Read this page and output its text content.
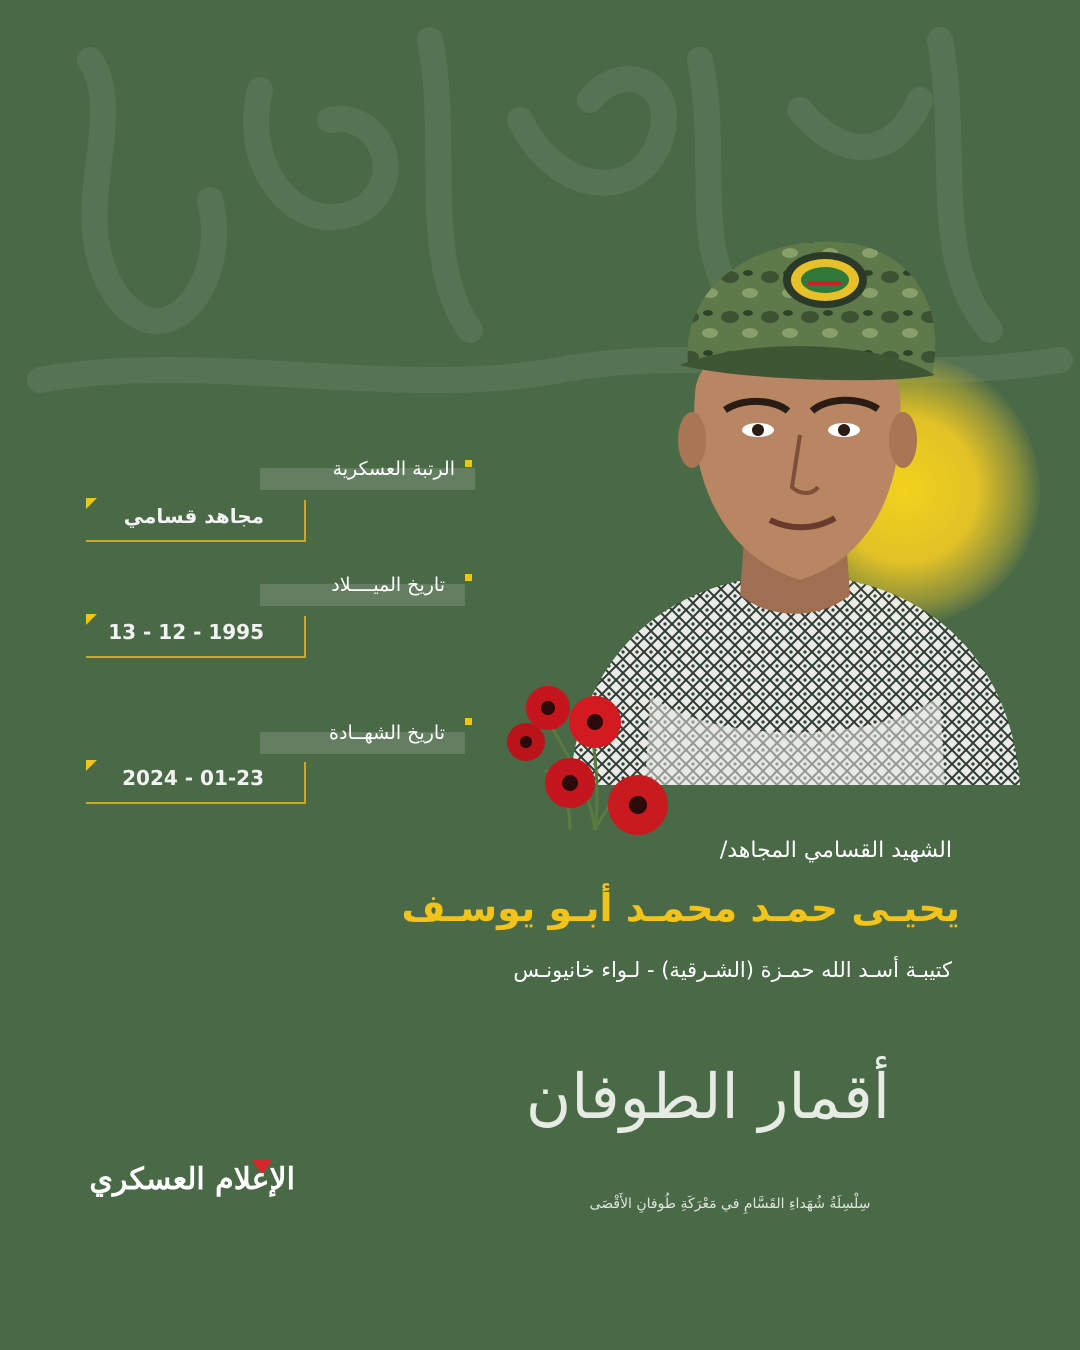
الرتبة العسكرية
مجاهد قسامي
تاريخ الميــــلاد
13 - 12 - 1995
تاريخ الشهــادة
2024 - 01-23
الشهيد القسامي المجاهد/
يحيـى حمـد محمـد أبـو يوسـف
كتيبـة أسـد الله حمـزة (الشـرقية) - لـواء خانيونـس
أقمار الطوفان
سِلْسِلَةُ شُهَداءِ القَسَّامِ في مَعْرَكَةِ طُوفانِ الأَقْصَى
الإعلام العسكري
